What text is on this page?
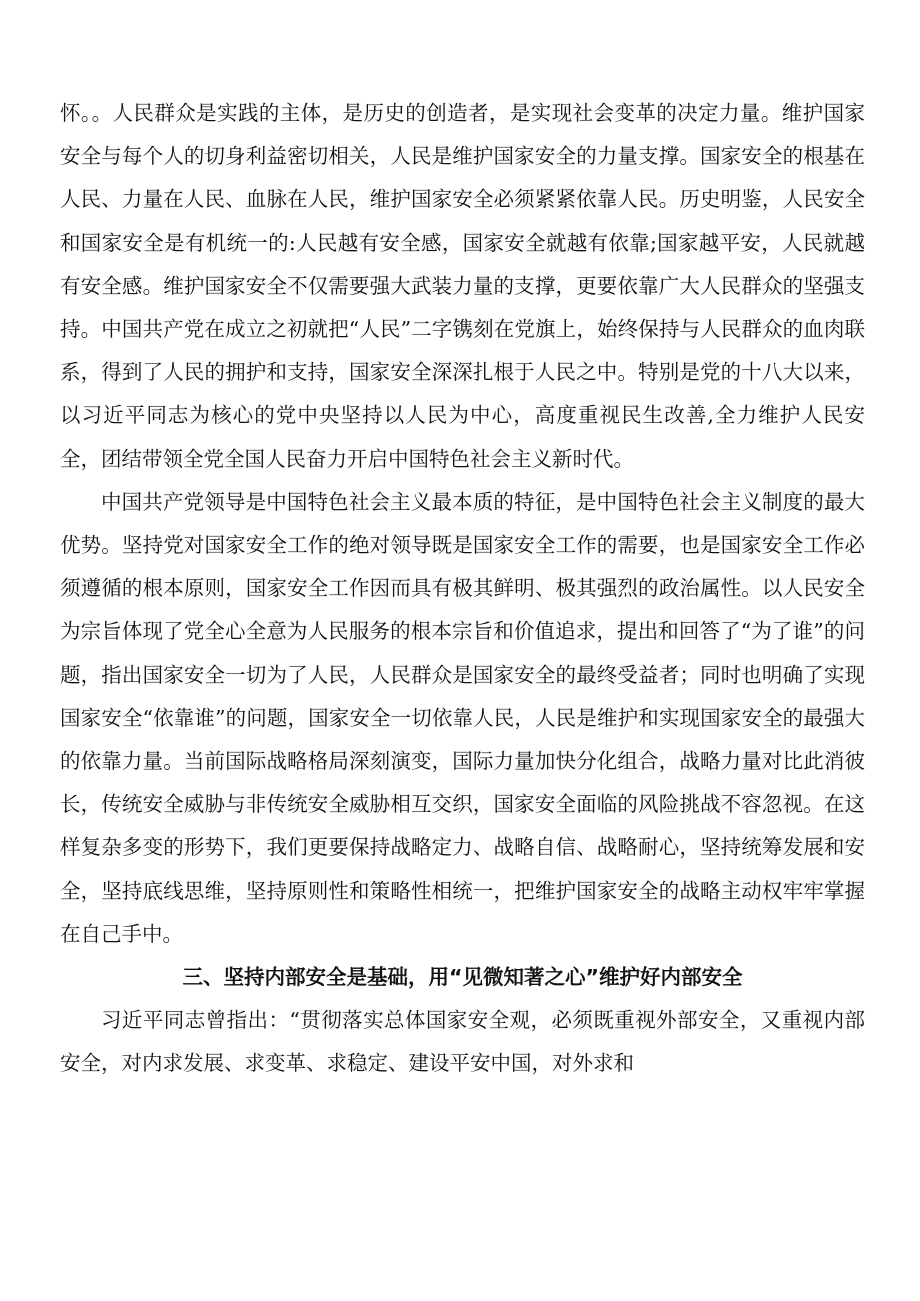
怀。。人民群众是实践的主体，是历史的创造者，是实现社会变革的决定力量。维护国家安全与每个人的切身利益密切相关，人民是维护国家安全的力量支撑。国家安全的根基在人民、力量在人民、血脉在人民，维护国家安全必须紧紧依靠人民。历史明鉴，人民安全和国家安全是有机统一的:人民越有安全感，国家安全就越有依靠;国家越平安，人民就越有安全感。维护国家安全不仅需要强大武装力量的支撑，更要依靠广大人民群众的坚强支持。中国共产党在成立之初就把“人民”二字镌刻在党旗上，始终保持与人民群众的血肉联系，得到了人民的拥护和支持，国家安全深深扎根于人民之中。特别是党的十八大以来，以习近平同志为核心的党中央坚持以人民为中心，高度重视民生改善,全力维护人民安全，团结带领全党全国人民奋力开启中国特色社会主义新时代。

中国共产党领导是中国特色社会主义最本质的特征，是中国特色社会主义制度的最大优势。坚持党对国家安全工作的绝对领导既是国家安全工作的需要，也是国家安全工作必须遵循的根本原则，国家安全工作因而具有极其鲜明、极其强烈的政治属性。以人民安全为宗旨体现了党全心全意为人民服务的根本宗旨和价值追求，提出和回答了“为了谁”的问题，指出国家安全一切为了人民，人民群众是国家安全的最终受益者；同时也明确了实现国家安全“依靠谁”的问题，国家安全一切依靠人民，人民是维护和实现国家安全的最强大的依靠力量。当前国际战略格局深刻演变，国际力量加快分化组合，战略力量对比此消彼长，传统安全威胁与非传统安全威胁相互交织，国家安全面临的风险挑战不容忽视。在这样复杂多变的形势下，我们更要保持战略定力、战略自信、战略耐心，坚持统筹发展和安全，坚持底线思维，坚持原则性和策略性相统一，把维护国家安全的战略主动权牢牢掌握在自己手中。

三、坚持内部安全是基础，用“见微知著之心”维护好内部安全

习近平同志曾指出：“贯彻落实总体国家安全观，必须既重视外部安全，又重视内部安全，对内求发展、求变革、求稳定、建设平安中国，对外求和
